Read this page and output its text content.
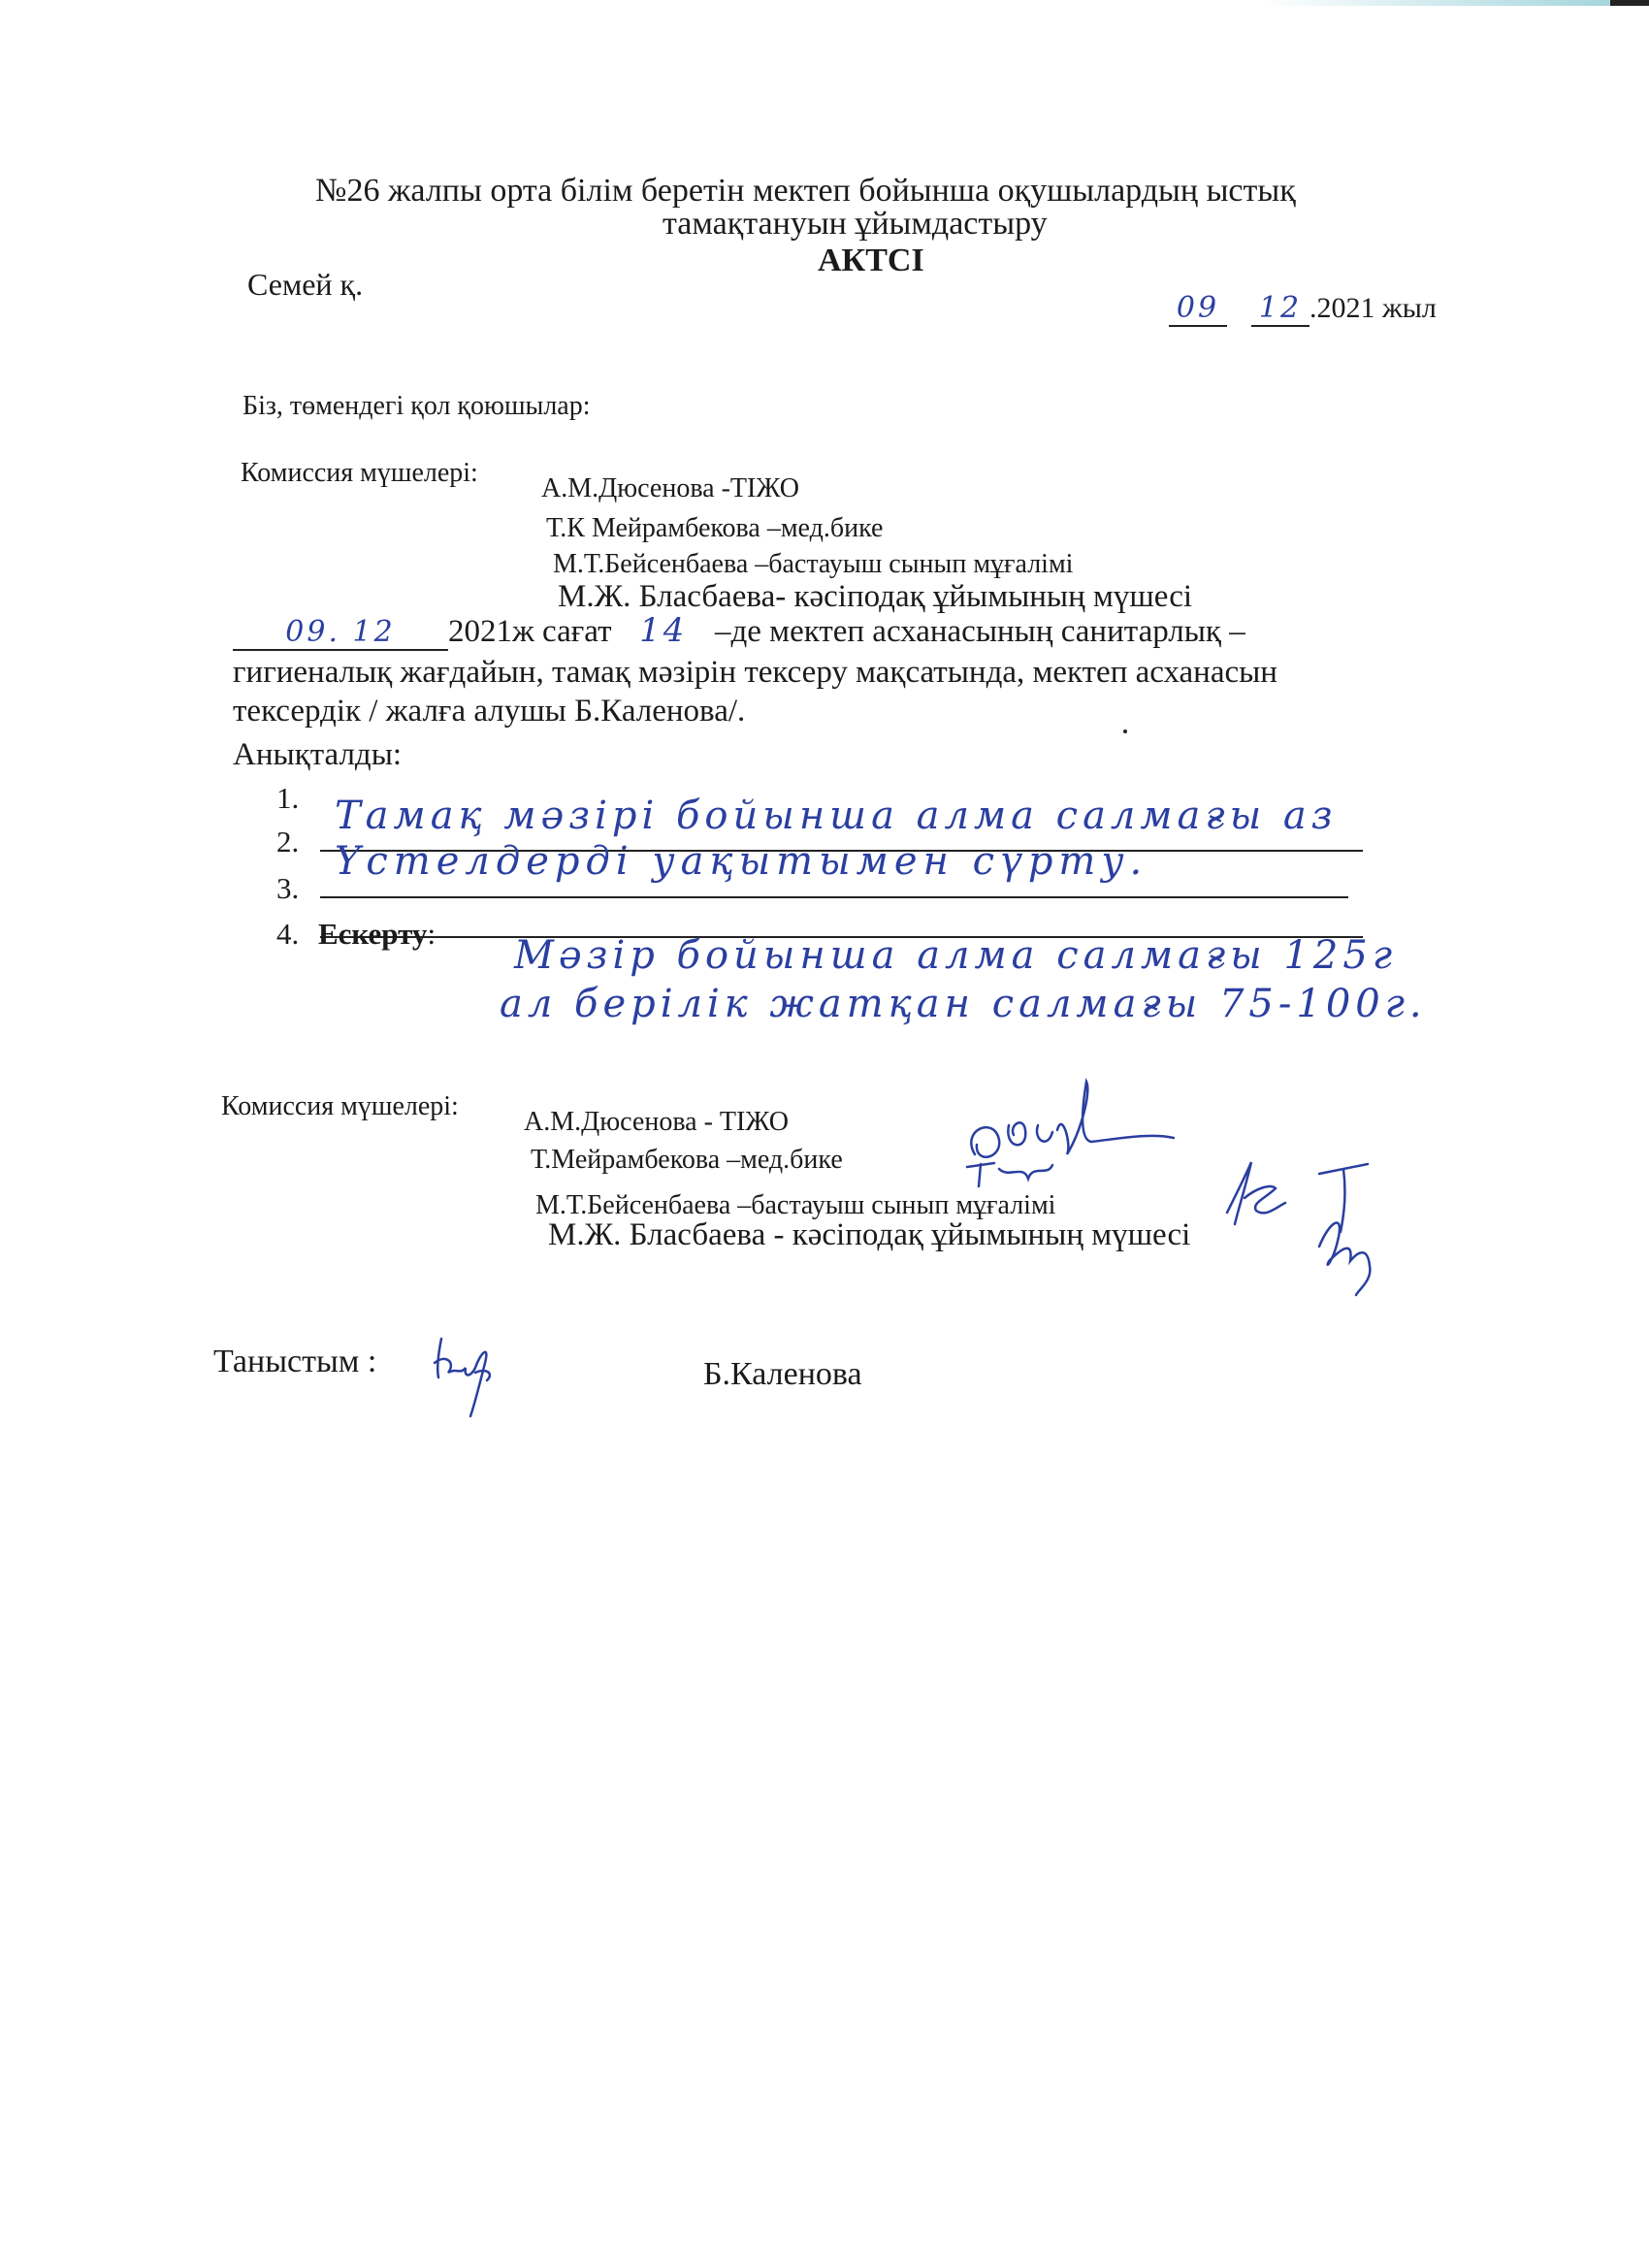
№26 жалпы орта білім беретін мектеп бойынша оқушылардың ыстық
тамақтануын ұйымдастыру
АКТСІ
Семей қ.
09 12 .2021 жыл
Біз, төмендегі қол қоюшылар:
Комиссия мүшелері:
А.М.Дюсенова -ТІЖО
Т.К Мейрамбекова –мед.бике
М.Т.Бейсенбаева –бастауыш сынып мұғалімі
М.Ж. Бласбаева- кәсіподақ ұйымының мүшесі
09. 12 2021ж сағат 14 –де мектеп асханасының санитарлық –
гигиеналық жағдайын, тамақ мәзірін тексеру мақсатында, мектеп асханасын
тексердік / жалға алушы Б.Каленова/.
Анықталды:
1. Тамақ мәзірі бойынша алма салмағы аз
2. Үстелдерді уақытымен сүрту.
3.
4. Ескерту: Мәзір бойынша алма салмағы 125г
ал берілік жатқан салмағы 75-100г.
Комиссия мүшелері:
А.М.Дюсенова - ТІЖО
Т.Мейрамбекова –мед.бике
М.Т.Бейсенбаева –бастауыш сынып мұғалімі
М.Ж. Бласбаева - кәсіподақ ұйымының мүшесі
Таныстым :	Б.Каленова
